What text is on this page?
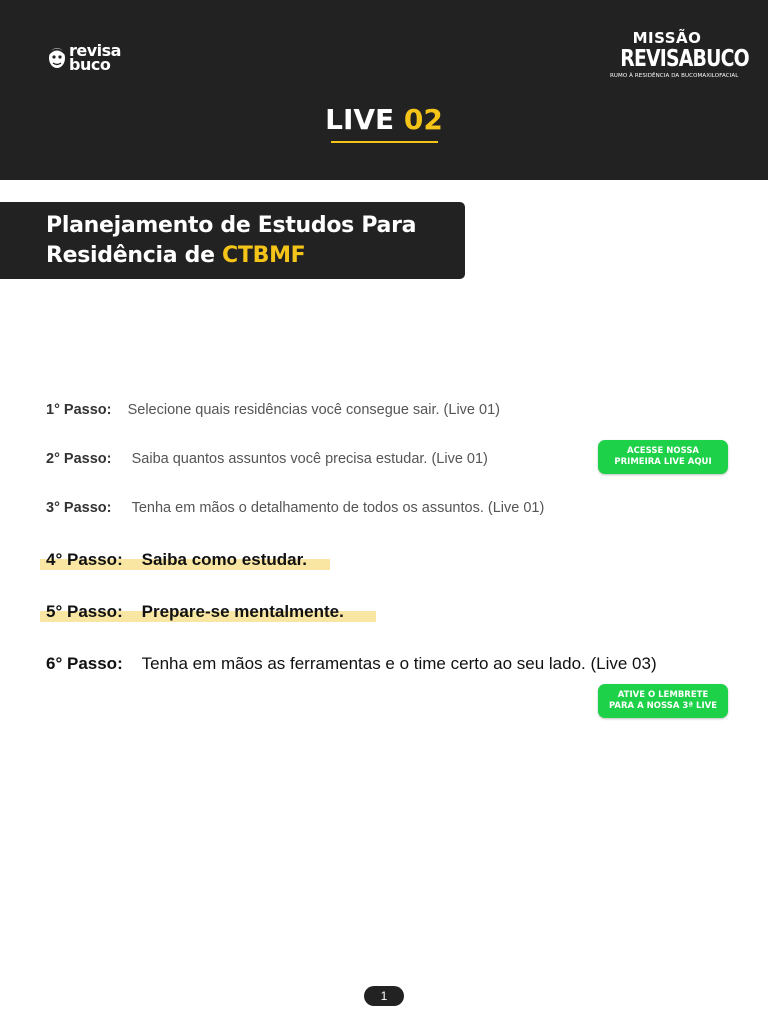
revisa
buco
MISSÃO
REVISABUCO
RUMO À RESIDÊNCIA DA BUCOMAXILOFACIAL
LIVE 02
Planejamento de Estudos Para
Residência de CTBMF
1° Passo: Selecione quais residências você consegue sair. (Live 01)
2° Passo: Saiba quantos assuntos você precisa estudar. (Live 01)
3° Passo: Tenha em mãos o detalhamento de todos os assuntos. (Live 01)
4° Passo: Saiba como estudar.
5° Passo: Prepare-se mentalmente.
6° Passo: Tenha em mãos as ferramentas e o time certo ao seu lado. (Live 03)
ACESSE NOSSA
PRIMEIRA LIVE AQUI
ATIVE O LEMBRETE
PARA A NOSSA 3ª LIVE
1
